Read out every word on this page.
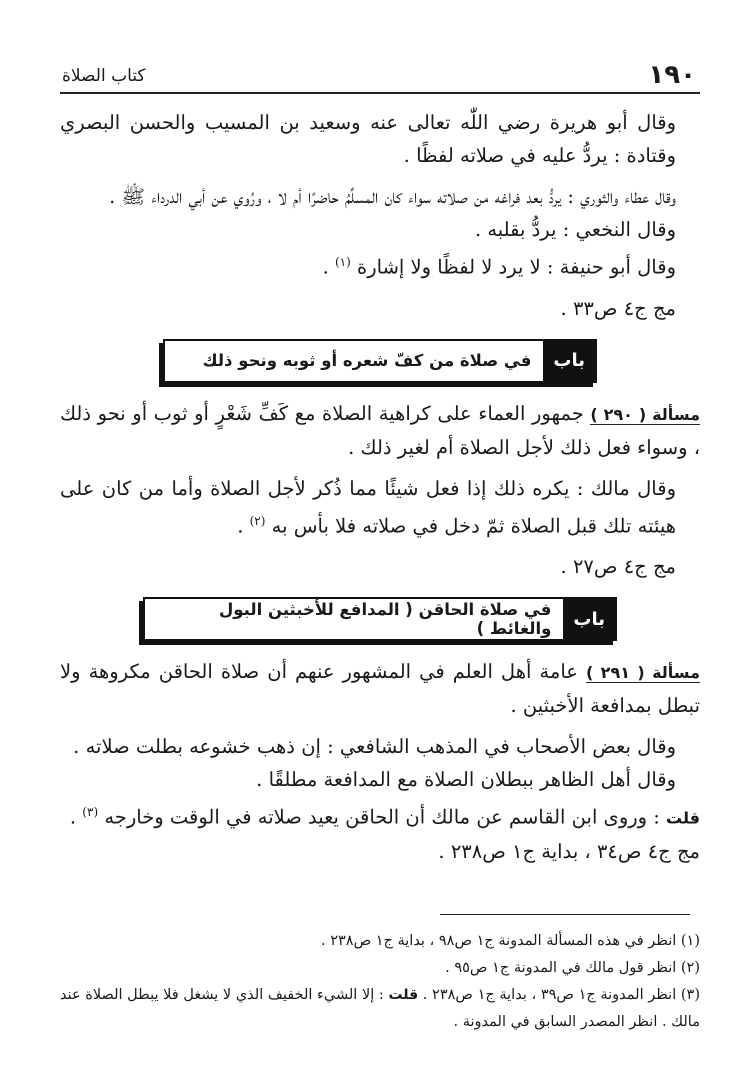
١٩٠
كتاب الصلاة

وقال أبو هريرة رضي اللّٰه تعالى عنه وسعيد بن المسيب والحسن البصري وقتادة : يردُّ عليه في صلاته لفظًا .

وقال عطاء والثوري : يردُّ بعد فراغه من صلاته سواء كان المسلِّمُ حاضرًا أم لا ، ورُوي عن أبي الدرداء ﷺ .

وقال النخعي : يردُّ بقلبه .

وقال أبو حنيفة : لا يرد لا لفظًا ولا إشارة $^{(١)}$ .

مج ج٤ ص٣٣ .

باب
في صلاة من كفّ شعره أو ثوبه ونحو ذلك

مسألة ( ٢٩٠ ) جمهور العماء على كراهية الصلاة مع كَفِّ شَعْرٍ أو ثوب أو نحو ذلك ، وسواء فعل ذلك لأجل الصلاة أم لغير ذلك .

وقال مالك : يكره ذلك إذا فعل شيئًا مما ذُكر لأجل الصلاة وأما من كان على هيئته تلك قبل الصلاة ثمّ دخل في صلاته فلا بأس به $^{(٢)}$ .

مج ج٤ ص٢٧ .

باب
في صلاة الحاقن ( المدافع للأخبثين البول والغائط )

مسألة ( ٢٩١ ) عامة أهل العلم في المشهور عنهم أن صلاة الحاقن مكروهة ولا تبطل بمدافعة الأخبثين .

وقال بعض الأصحاب في المذهب الشافعي : إن ذهب خشوعه بطلت صلاته .

وقال أهل الظاهر ببطلان الصلاة مع المدافعة مطلقًا .

قلت : وروى ابن القاسم عن مالك أن الحاقن يعيد صلاته في الوقت وخارجه $^{(٣)}$ .

مج ج٤ ص٣٤ ، بداية ج١ ص٢٣٨ .

(١) انظر في هذه المسألة المدونة ج١ ص٩٨ ، بداية ج١ ص٢٣٨ .

(٢) انظر قول مالك في المدونة ج١ ص٩٥ .

(٣) انظر المدونة ج١ ص٣٩ ، بداية ج١ ص٢٣٨ . قلت : إلا الشيء الخفيف الذي لا يشغل فلا يبطل الصلاة عند مالك . انظر المصدر السابق في المدونة .
